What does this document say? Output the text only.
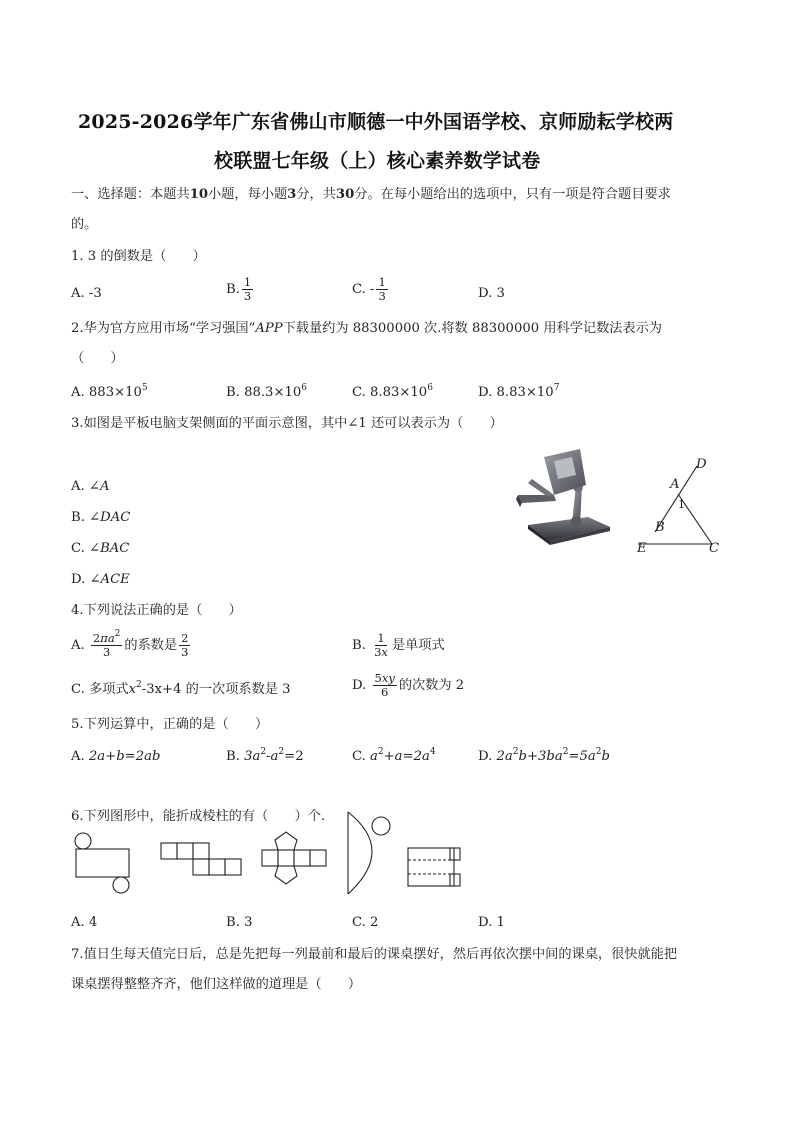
2025-2026学年广东省佛山市顺德一中外国语学校、京师励耘学校两
校联盟七年级（上）核心素养数学试卷
一、选择题：本题共10小题，每小题3分，共30分。在每小题给出的选项中，只有一项是符合题目要求
的。
1. 3 的倒数是（　　）
A. -3	B. $\frac{1}{3}$	C. - $\frac{1}{3}$	D. 3
2.华为官方应用市场“学习强国”APP下载量约为 88300000 次.将数 88300000 用科学记数法表示为
（　　）
A. $883\times 10^5$	B. $88.3\times 10^6$	C. $8.83\times 10^6$	D. $8.83\times 10^7$
3.如图是平板电脑支架侧面的平面示意图，其中∠1 还可以表示为（　　）
A. ∠A
B. ∠DAC
C. ∠BAC
D. ∠ACE
D
A
1
B
E	C
4.下列说法正确的是（　　）
A. $\frac{2\pi a^2}{3}$ 的系数是 $\frac{2}{3}$	B. $\frac{1}{3x}$ 是单项式
C. 多项式$x^2-3x+4$ 的一次项系数是 3	D. $\frac{5xy}{6}$ 的次数为 2
5.下列运算中，正确的是（　　）
A. 2a+b=2ab	B. $3a^2-a^2=2$	C. $a^2+a=2a^4$	D. $2a^2b+3ba^2=5a^2b$
6.下列图形中，能折成棱柱的有（　　）个.
A. 4	B. 3	C. 2	D. 1
7.值日生每天值完日后，总是先把每一列最前和最后的课桌摆好，然后再依次摆中间的课桌，很快就能把
课桌摆得整整齐齐，他们这样做的道理是（　　）
